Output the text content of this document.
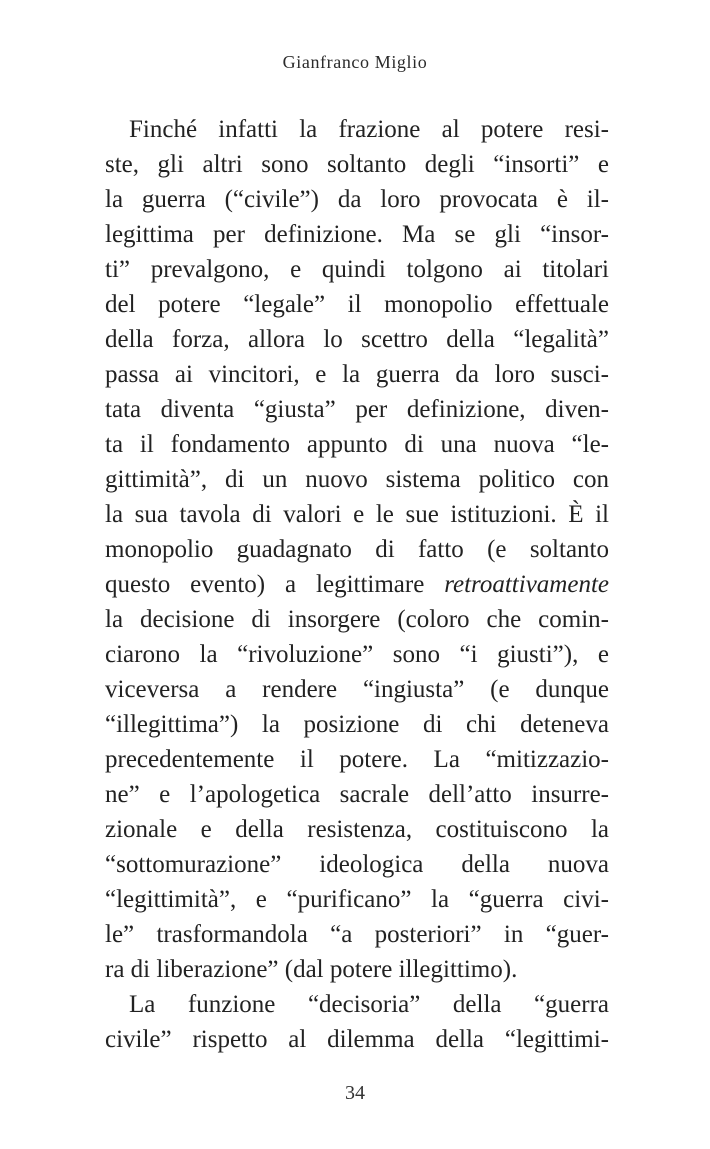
Gianfranco Miglio
Finché infatti la frazione al potere resi-
ste, gli altri sono soltanto degli “insorti” e
la guerra (“civile”) da loro provocata è il-
legittima per definizione. Ma se gli “insor-
ti” prevalgono, e quindi tolgono ai titolari
del potere “legale” il monopolio effettuale
della forza, allora lo scettro della “legalità”
passa ai vincitori, e la guerra da loro susci-
tata diventa “giusta” per definizione, diven-
ta il fondamento appunto di una nuova “le-
gittimità”, di un nuovo sistema politico con
la sua tavola di valori e le sue istituzioni. È il
monopolio guadagnato di fatto (e soltanto
questo evento) a legittimare retroattivamente
la decisione di insorgere (coloro che comin-
ciarono la “rivoluzione” sono “i giusti”), e
viceversa a rendere “ingiusta” (e dunque
“illegittima”) la posizione di chi deteneva
precedentemente il potere. La “mitizzazio-
ne” e l’apologetica sacrale dell’atto insurre-
zionale e della resistenza, costituiscono la
“sottomurazione” ideologica della nuova
“legittimità”, e “purificano” la “guerra civi-
le” trasformandola “a posteriori” in “guer-
ra di liberazione” (dal potere illegittimo).
La funzione “decisoria” della “guerra
civile” rispetto al dilemma della “legittimi-
34
